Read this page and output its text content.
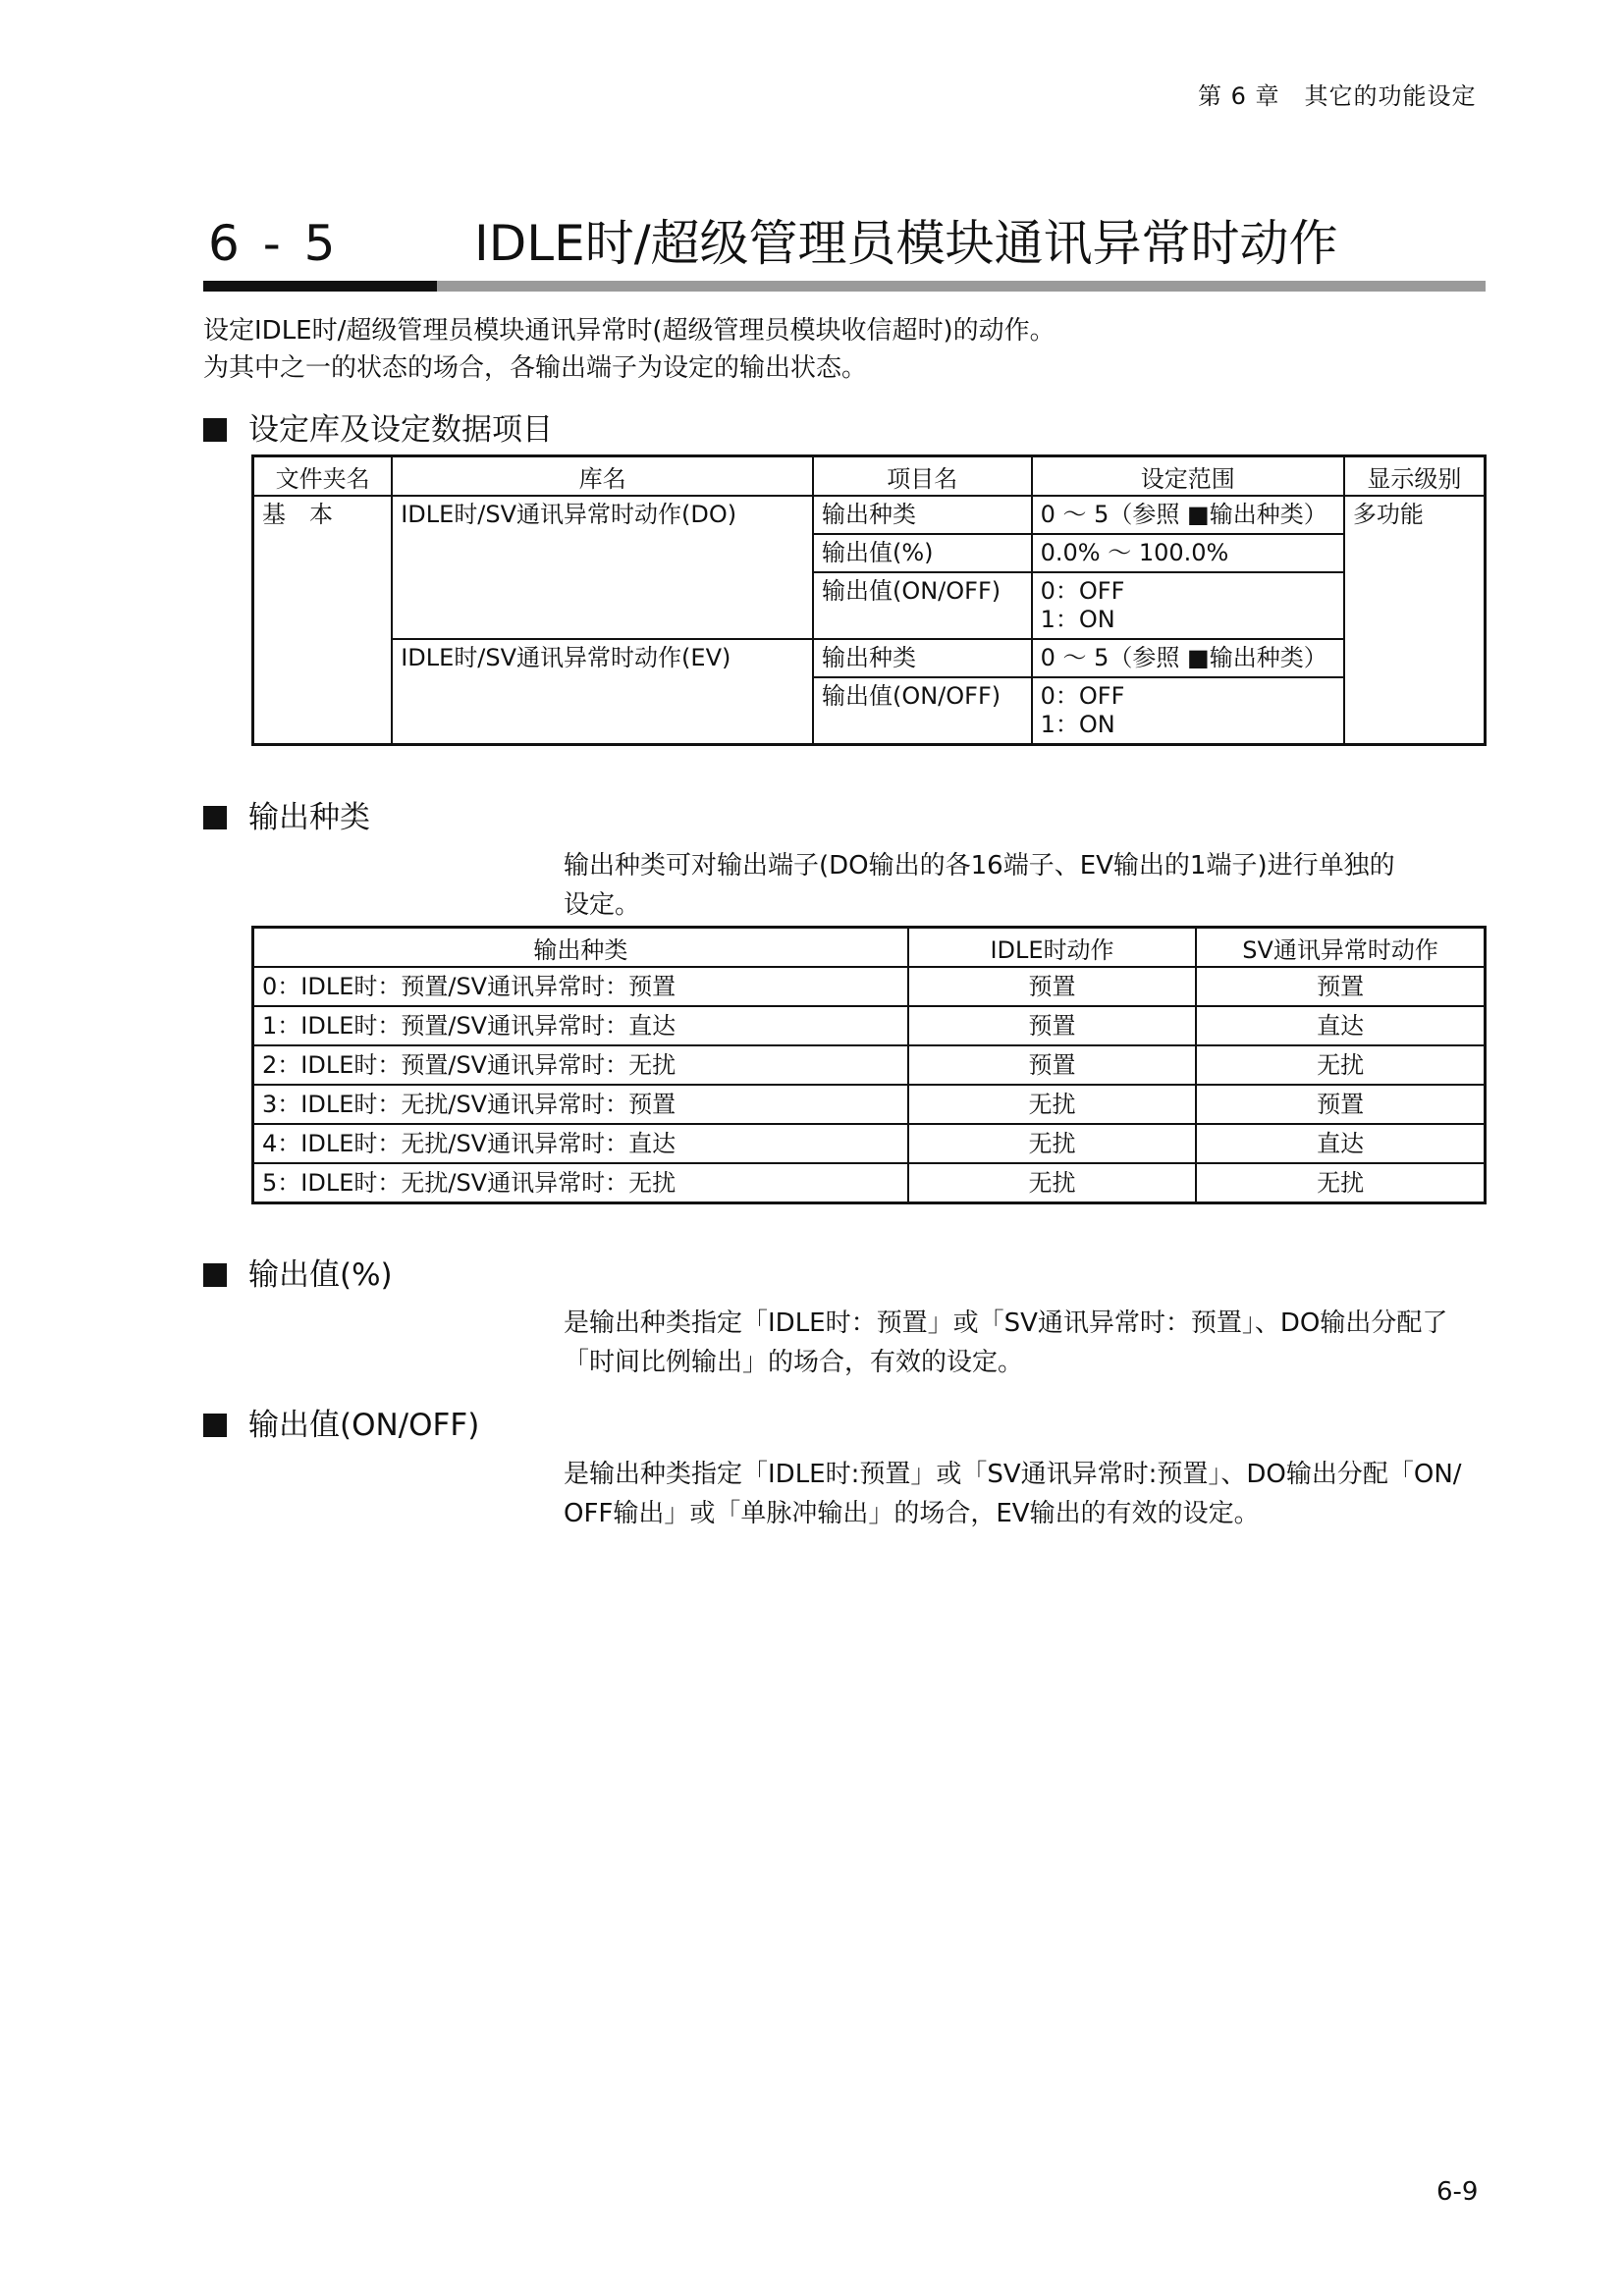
第 6 章　其它的功能设定
6 - 5	IDLE时/超级管理员模块通讯异常时动作

设定IDLE时/超级管理员模块通讯异常时(超级管理员模块收信超时)的动作。

为其中之一的状态的场合，各输出端子为设定的输出状态。

设定库及设定数据项目
文件夹名	库名	项目名	设定范围	显示级别
基　本	IDLE时/SV通讯异常时动作(DO)	输出种类	0 ～ 5（参照 ■输出种类）	多功能
		输出值(%)	0.0% ～ 100.0%	
		输出值(ON/OFF)	0：OFF
1：ON	

	IDLE时/SV通讯异常时动作(EV)	输出种类	0 ～ 5（参照 ■输出种类）	
		输出值(ON/OFF)	0：OFF
1：ON	
输出种类

输出种类可对输出端子(DO输出的各16端子、EV输出的1端子)进行单独的

设定。

输出种类	IDLE时动作	SV通讯异常时动作
0：IDLE时：预置/SV通讯异常时：预置	预置	预置
1：IDLE时：预置/SV通讯异常时：直达	预置	直达
2：IDLE时：预置/SV通讯异常时：无扰	预置	无扰
3：IDLE时：无扰/SV通讯异常时：预置	无扰	预置
4：IDLE时：无扰/SV通讯异常时：直达	无扰	直达
5：IDLE时：无扰/SV通讯异常时：无扰	无扰	无扰
输出值(%)

是输出种类指定「IDLE时：预置」或「SV通讯异常时：预置」、DO输出分配了

「时间比例输出」的场合，有效的设定。

输出值(ON/OFF)

是输出种类指定「IDLE时:预置」或「SV通讯异常时:预置」、DO输出分配「ON/

OFF输出」或「单脉冲输出」的场合，EV输出的有效的设定。

6-9
